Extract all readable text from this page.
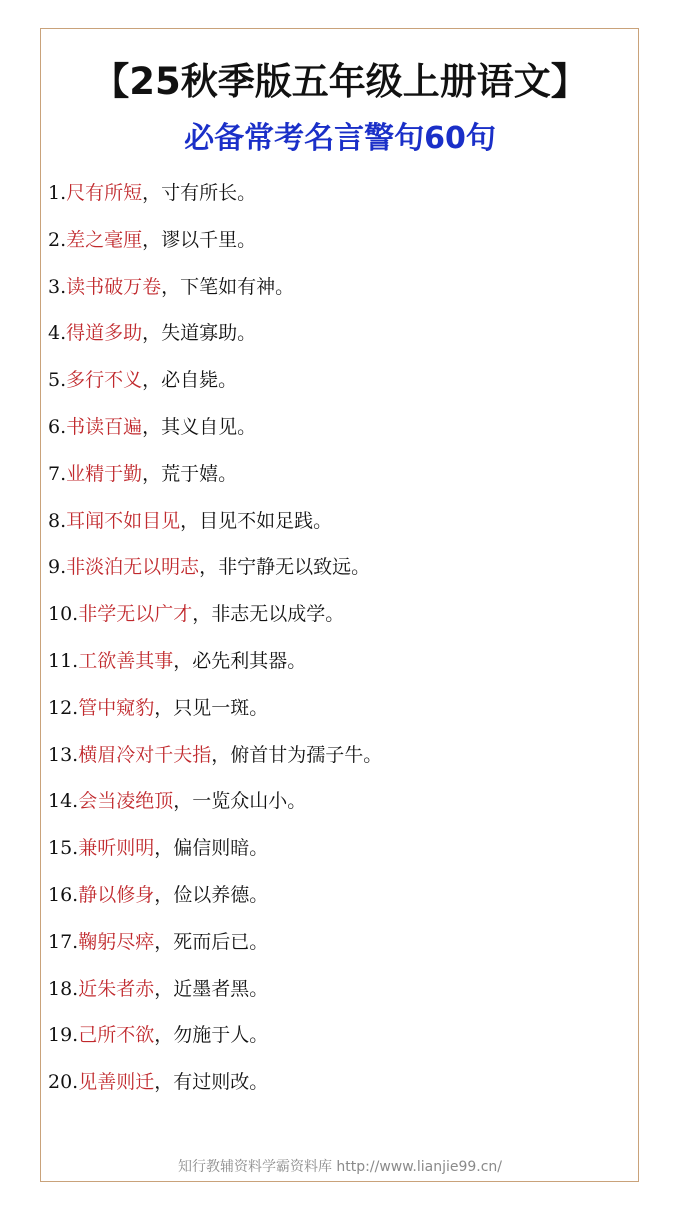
【25秋季版五年级上册语文】
必备常考名言警句60句
1.尺有所短，寸有所长。
2.差之毫厘，谬以千里。
3.读书破万卷，下笔如有神。
4.得道多助，失道寡助。
5.多行不义，必自毙。
6.书读百遍，其义自见。
7.业精于勤，荒于嬉。
8.耳闻不如目见，目见不如足践。
9.非淡泊无以明志，非宁静无以致远。
10.非学无以广才，非志无以成学。
11.工欲善其事，必先利其器。
12.管中窥豹，只见一斑。
13.横眉冷对千夫指，俯首甘为孺子牛。
14.会当凌绝顶，一览众山小。
15.兼听则明，偏信则暗。
16.静以修身，俭以养德。
17.鞠躬尽瘁，死而后已。
18.近朱者赤，近墨者黑。
19.己所不欲，勿施于人。
20.见善则迁，有过则改。
知行教辅资料学霸资料库 http://www.lianjie99.cn/
